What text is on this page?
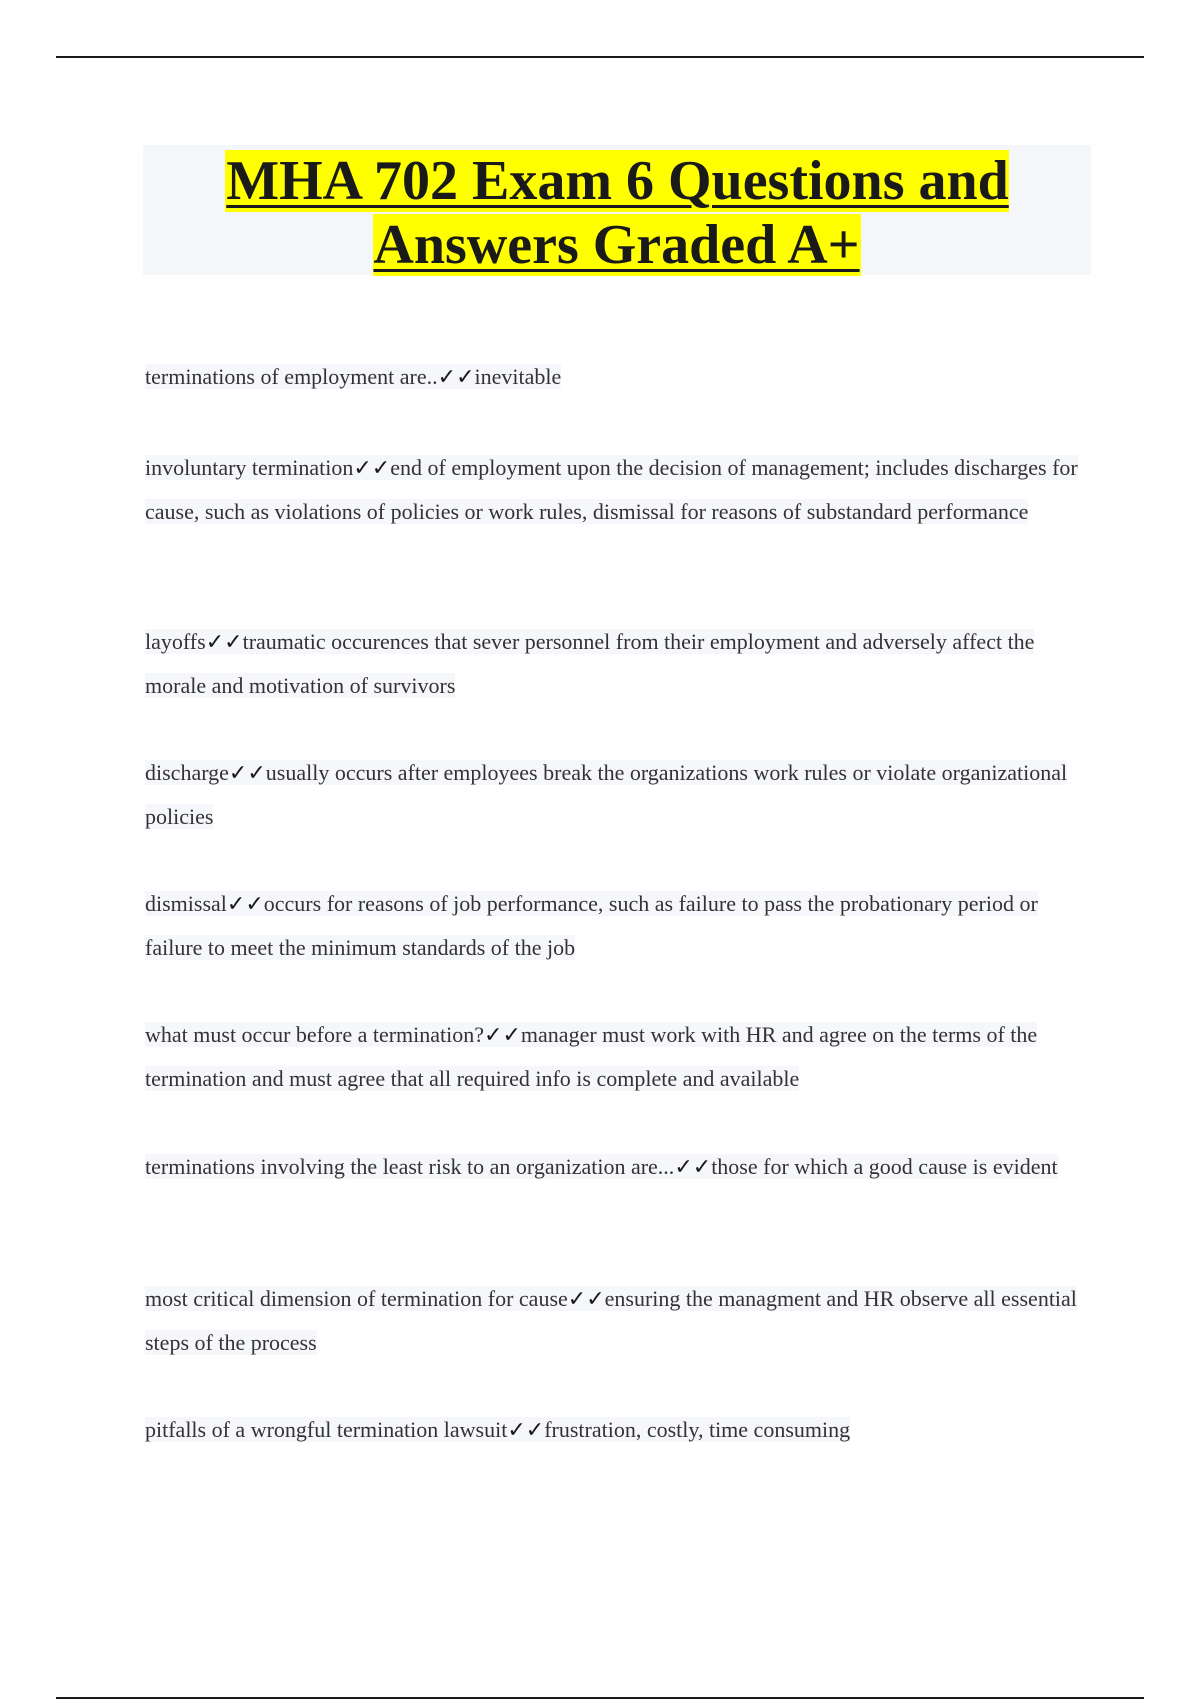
MHA 702 Exam 6 Questions and Answers Graded A+
terminations of employment are..✓✓inevitable
involuntary termination✓✓end of employment upon the decision of management; includes discharges for cause, such as violations of policies or work rules, dismissal for reasons of substandard performance
layoffs✓✓traumatic occurences that sever personnel from their employment and adversely affect the morale and motivation of survivors
discharge✓✓usually occurs after employees break the organizations work rules or violate organizational policies
dismissal✓✓occurs for reasons of job performance, such as failure to pass the probationary period or failure to meet the minimum standards of the job
what must occur before a termination?✓✓manager must work with HR and agree on the terms of the termination and must agree that all required info is complete and available
terminations involving the least risk to an organization are...✓✓those for which a good cause is evident
most critical dimension of termination for cause✓✓ensuring the managment and HR observe all essential steps of the process
pitfalls of a wrongful termination lawsuit✓✓frustration, costly, time consuming
